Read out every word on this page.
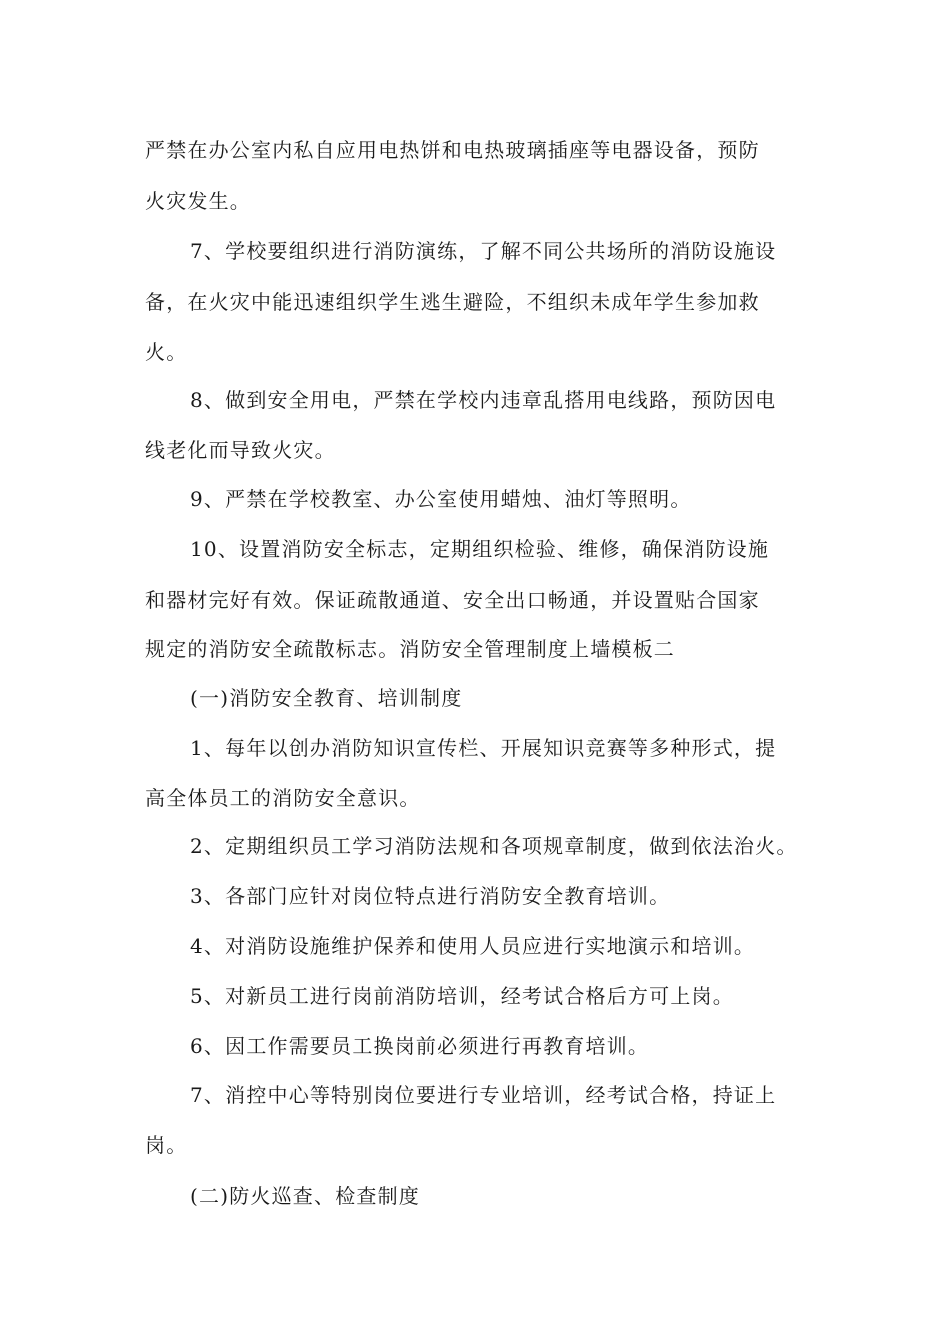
严禁在办公室内私自应用电热饼和电热玻璃插座等电器设备，预防
火灾发生。
7、学校要组织进行消防演练，了解不同公共场所的消防设施设
备，在火灾中能迅速组织学生逃生避险，不组织未成年学生参加救
火。
8、做到安全用电，严禁在学校内违章乱搭用电线路，预防因电
线老化而导致火灾。
9、严禁在学校教室、办公室使用蜡烛、油灯等照明。
10、设置消防安全标志，定期组织检验、维修，确保消防设施
和器材完好有效。保证疏散通道、安全出口畅通，并设置贴合国家
规定的消防安全疏散标志。消防安全管理制度上墙模板二
(一)消防安全教育、培训制度
1、每年以创办消防知识宣传栏、开展知识竞赛等多种形式，提
高全体员工的消防安全意识。
2、定期组织员工学习消防法规和各项规章制度，做到依法治火。
3、各部门应针对岗位特点进行消防安全教育培训。
4、对消防设施维护保养和使用人员应进行实地演示和培训。
5、对新员工进行岗前消防培训，经考试合格后方可上岗。
6、因工作需要员工换岗前必须进行再教育培训。
7、消控中心等特别岗位要进行专业培训，经考试合格，持证上
岗。
(二)防火巡查、检查制度
